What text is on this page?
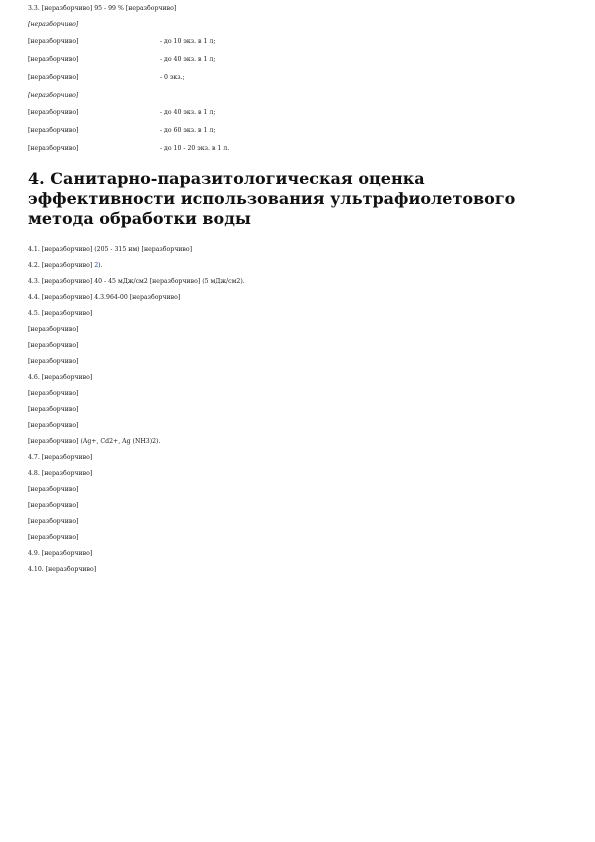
3.3. [неразборчиво] 95 - 99 % [неразборчиво]

[неразборчиво]

[неразборчиво]	- до 10 экз. в 1 л;
[неразборчиво]	- до 40 экз. в 1 л;
[неразборчиво]	- 0 экз.;

[неразборчиво]

[неразборчиво]	- до 40 экз. в 1 л;
[неразборчиво]	- до 60 экз. в 1 л;
[неразборчиво]	- до 10 - 20 экз. в 1 л.
4. Санитарно-паразитологическая оценка эффективности использования ультрафиолетового метода обработки воды

4.1. [неразборчиво] (205 - 315 нм) [неразборчиво]

4.2. [неразборчиво] 2).

4.3. [неразборчиво] 40 - 45 мДж/см2 [неразборчиво] (5 мДж/см2).

4.4. [неразборчиво] 4.3.964-00 [неразборчиво]

4.5. [неразборчиво]

[неразборчиво]

[неразборчиво]

[неразборчиво]

4.6. [неразборчиво]

[неразборчиво]

[неразборчиво]

[неразборчиво]

[неразборчиво] (Ag+, Cd2+, Ag (NH3)2).

4.7. [неразборчиво]

4.8. [неразборчиво]

[неразборчиво]

[неразборчиво]

[неразборчиво]

[неразборчиво]

4.9. [неразборчиво]

4.10. [неразборчиво]
